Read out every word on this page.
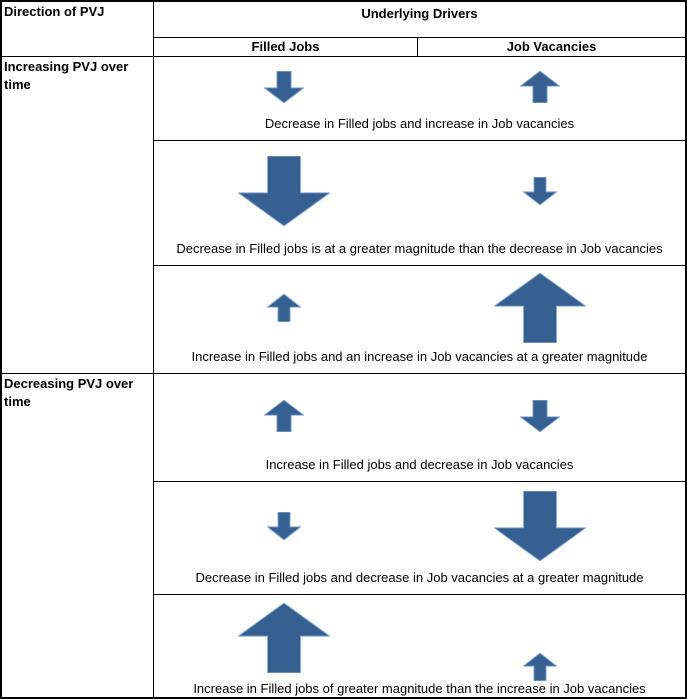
Direction of PVJ	Underlying Drivers
Filled Jobs	Job Vacancies
Increasing PVJ over time
Decreasing PVJ over time
Decrease in Filled jobs and increase in Job vacancies
Decrease in Filled jobs is at a greater magnitude than the decrease in Job vacancies
Increase in Filled jobs and an increase in Job vacancies at a greater magnitude
Increase in Filled jobs and decrease in Job vacancies
Decrease in Filled jobs and decrease in Job vacancies at a greater magnitude
Increase in Filled jobs of greater magnitude than the increase in Job vacancies
